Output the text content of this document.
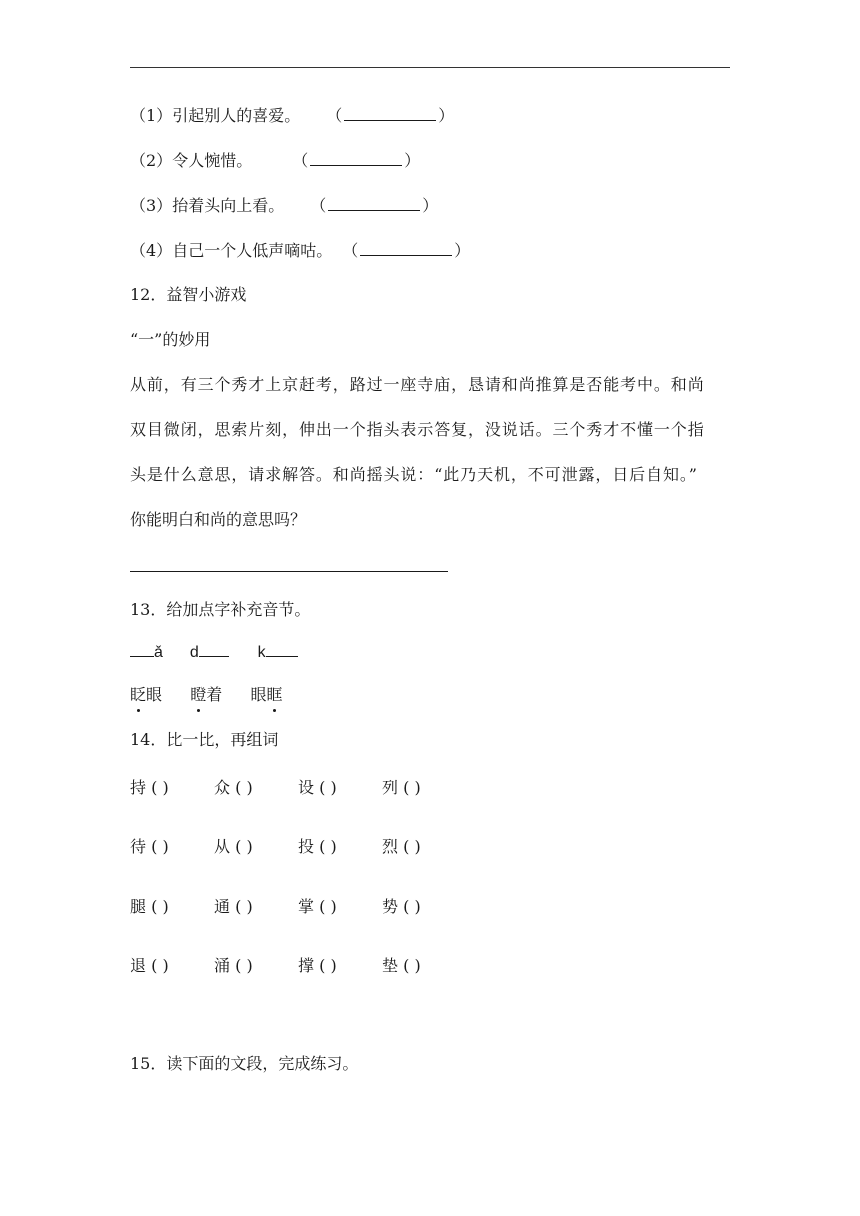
（1）引起别人的喜爱。 （	）
（2）令人惋惜。	（	）
（3）抬着头向上看。 （	）
（4）自己一个人低声嘀咕。 （	）
12．益智小游戏
“一”的妙用
从前，有三个秀才上京赶考，路过一座寺庙，恳请和尚推算是否能考中。和尚
双目微闭，思索片刻，伸出一个指头表示答复，没说话。三个秀才不懂一个指
头是什么意思，请求解答。和尚摇头说：“此乃天机，不可泄露，日后自知。”
你能明白和尚的意思吗？
13．给加点字补充音节。
ǎ d	k
眨眼 瞪着 眼眶
14．比一比，再组词
持 ( )	众 ( )	设 ( )	列 ( )
待 ( )	从 ( )	投 ( )	烈 ( )
腿 ( )	通 ( )	掌 ( )	势 ( )
退 ( )	涌 ( )	撑 ( )	垫 ( )
15．读下面的文段，完成练习。
